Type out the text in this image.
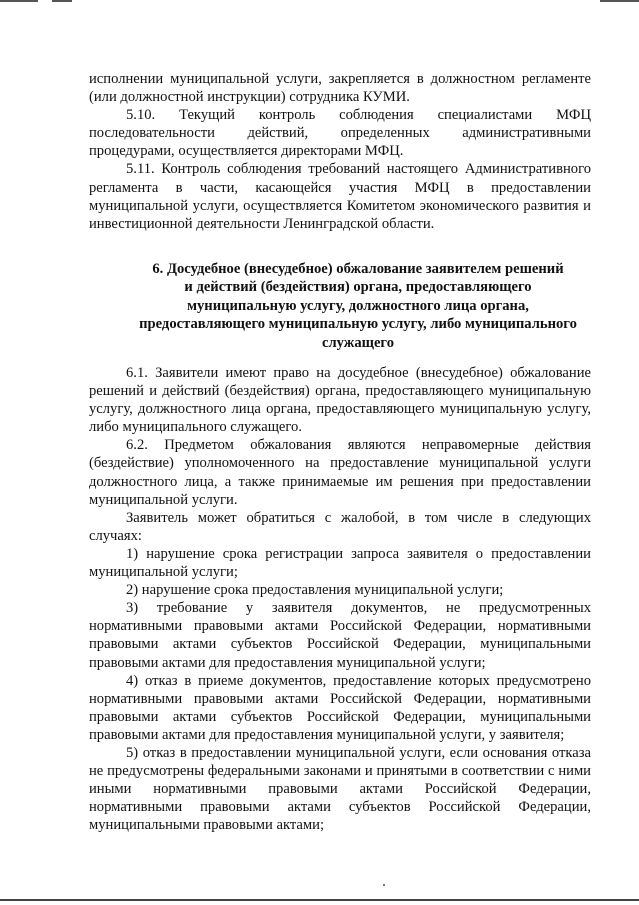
исполнении муниципальной услуги, закрепляется в должностном регламенте (или должностной инструкции) сотрудника КУМИ.

5.10. Текущий контроль соблюдения специалистами МФЦ последовательности действий, определенных административными процедурами, осуществляется директорами МФЦ.

5.11. Контроль соблюдения требований настоящего Административного регламента в части, касающейся участия МФЦ в предоставлении муниципальной услуги, осуществляется Комитетом экономического развития и инвестиционной деятельности Ленинградской области.

6. Досудебное (внесудебное) обжалование заявителем решений
и действий (бездействия) органа, предоставляющего
муниципальную услугу, должностного лица органа,
предоставляющего муниципальную услугу, либо муниципального
служащего

6.1. Заявители имеют право на досудебное (внесудебное) обжалование решений и действий (бездействия) органа, предоставляющего муниципальную услугу, должностного лица органа, предоставляющего муниципальную услугу, либо муниципального служащего.

6.2. Предметом обжалования являются неправомерные действия (бездействие) уполномоченного на предоставление муниципальной услуги должностного лица, а также принимаемые им решения при предоставлении муниципальной услуги.

Заявитель может обратиться с жалобой, в том числе в следующих случаях:

1) нарушение срока регистрации запроса заявителя о предоставлении муниципальной услуги;

2) нарушение срока предоставления муниципальной услуги;

3) требование у заявителя документов, не предусмотренных нормативными правовыми актами Российской Федерации, нормативными правовыми актами субъектов Российской Федерации, муниципальными правовыми актами для предоставления муниципальной услуги;

4) отказ в приеме документов, предоставление которых предусмотрено нормативными правовыми актами Российской Федерации, нормативными правовыми актами субъектов Российской Федерации, муниципальными правовыми актами для предоставления муниципальной услуги, у заявителя;

5) отказ в предоставлении муниципальной услуги, если основания отказа не предусмотрены федеральными законами и принятыми в соответствии с ними иными нормативными правовыми актами Российской Федерации, нормативными правовыми актами субъектов Российской Федерации, муниципальными правовыми актами;
